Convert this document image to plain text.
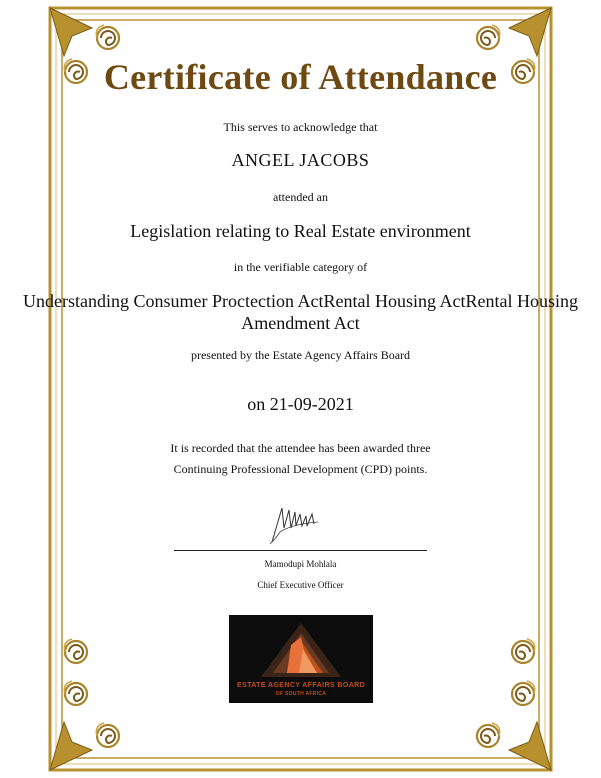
Certificate of Attendance

This serves to acknowledge that

ANGEL JACOBS

attended an

Legislation relating to Real Estate environment

in the verifiable category of

Understanding Consumer Proctection ActRental Housing ActRental Housing Amendment Act

presented by the Estate Agency Affairs Board

on 21-09-2021

It is recorded that the attendee has been awarded three

Continuing Professional Development (CPD) points.

Mamodupi Mohlala

Chief Executive Officer

ESTATE AGENCY AFFAIRS BOARD
OF SOUTH AFRICA
